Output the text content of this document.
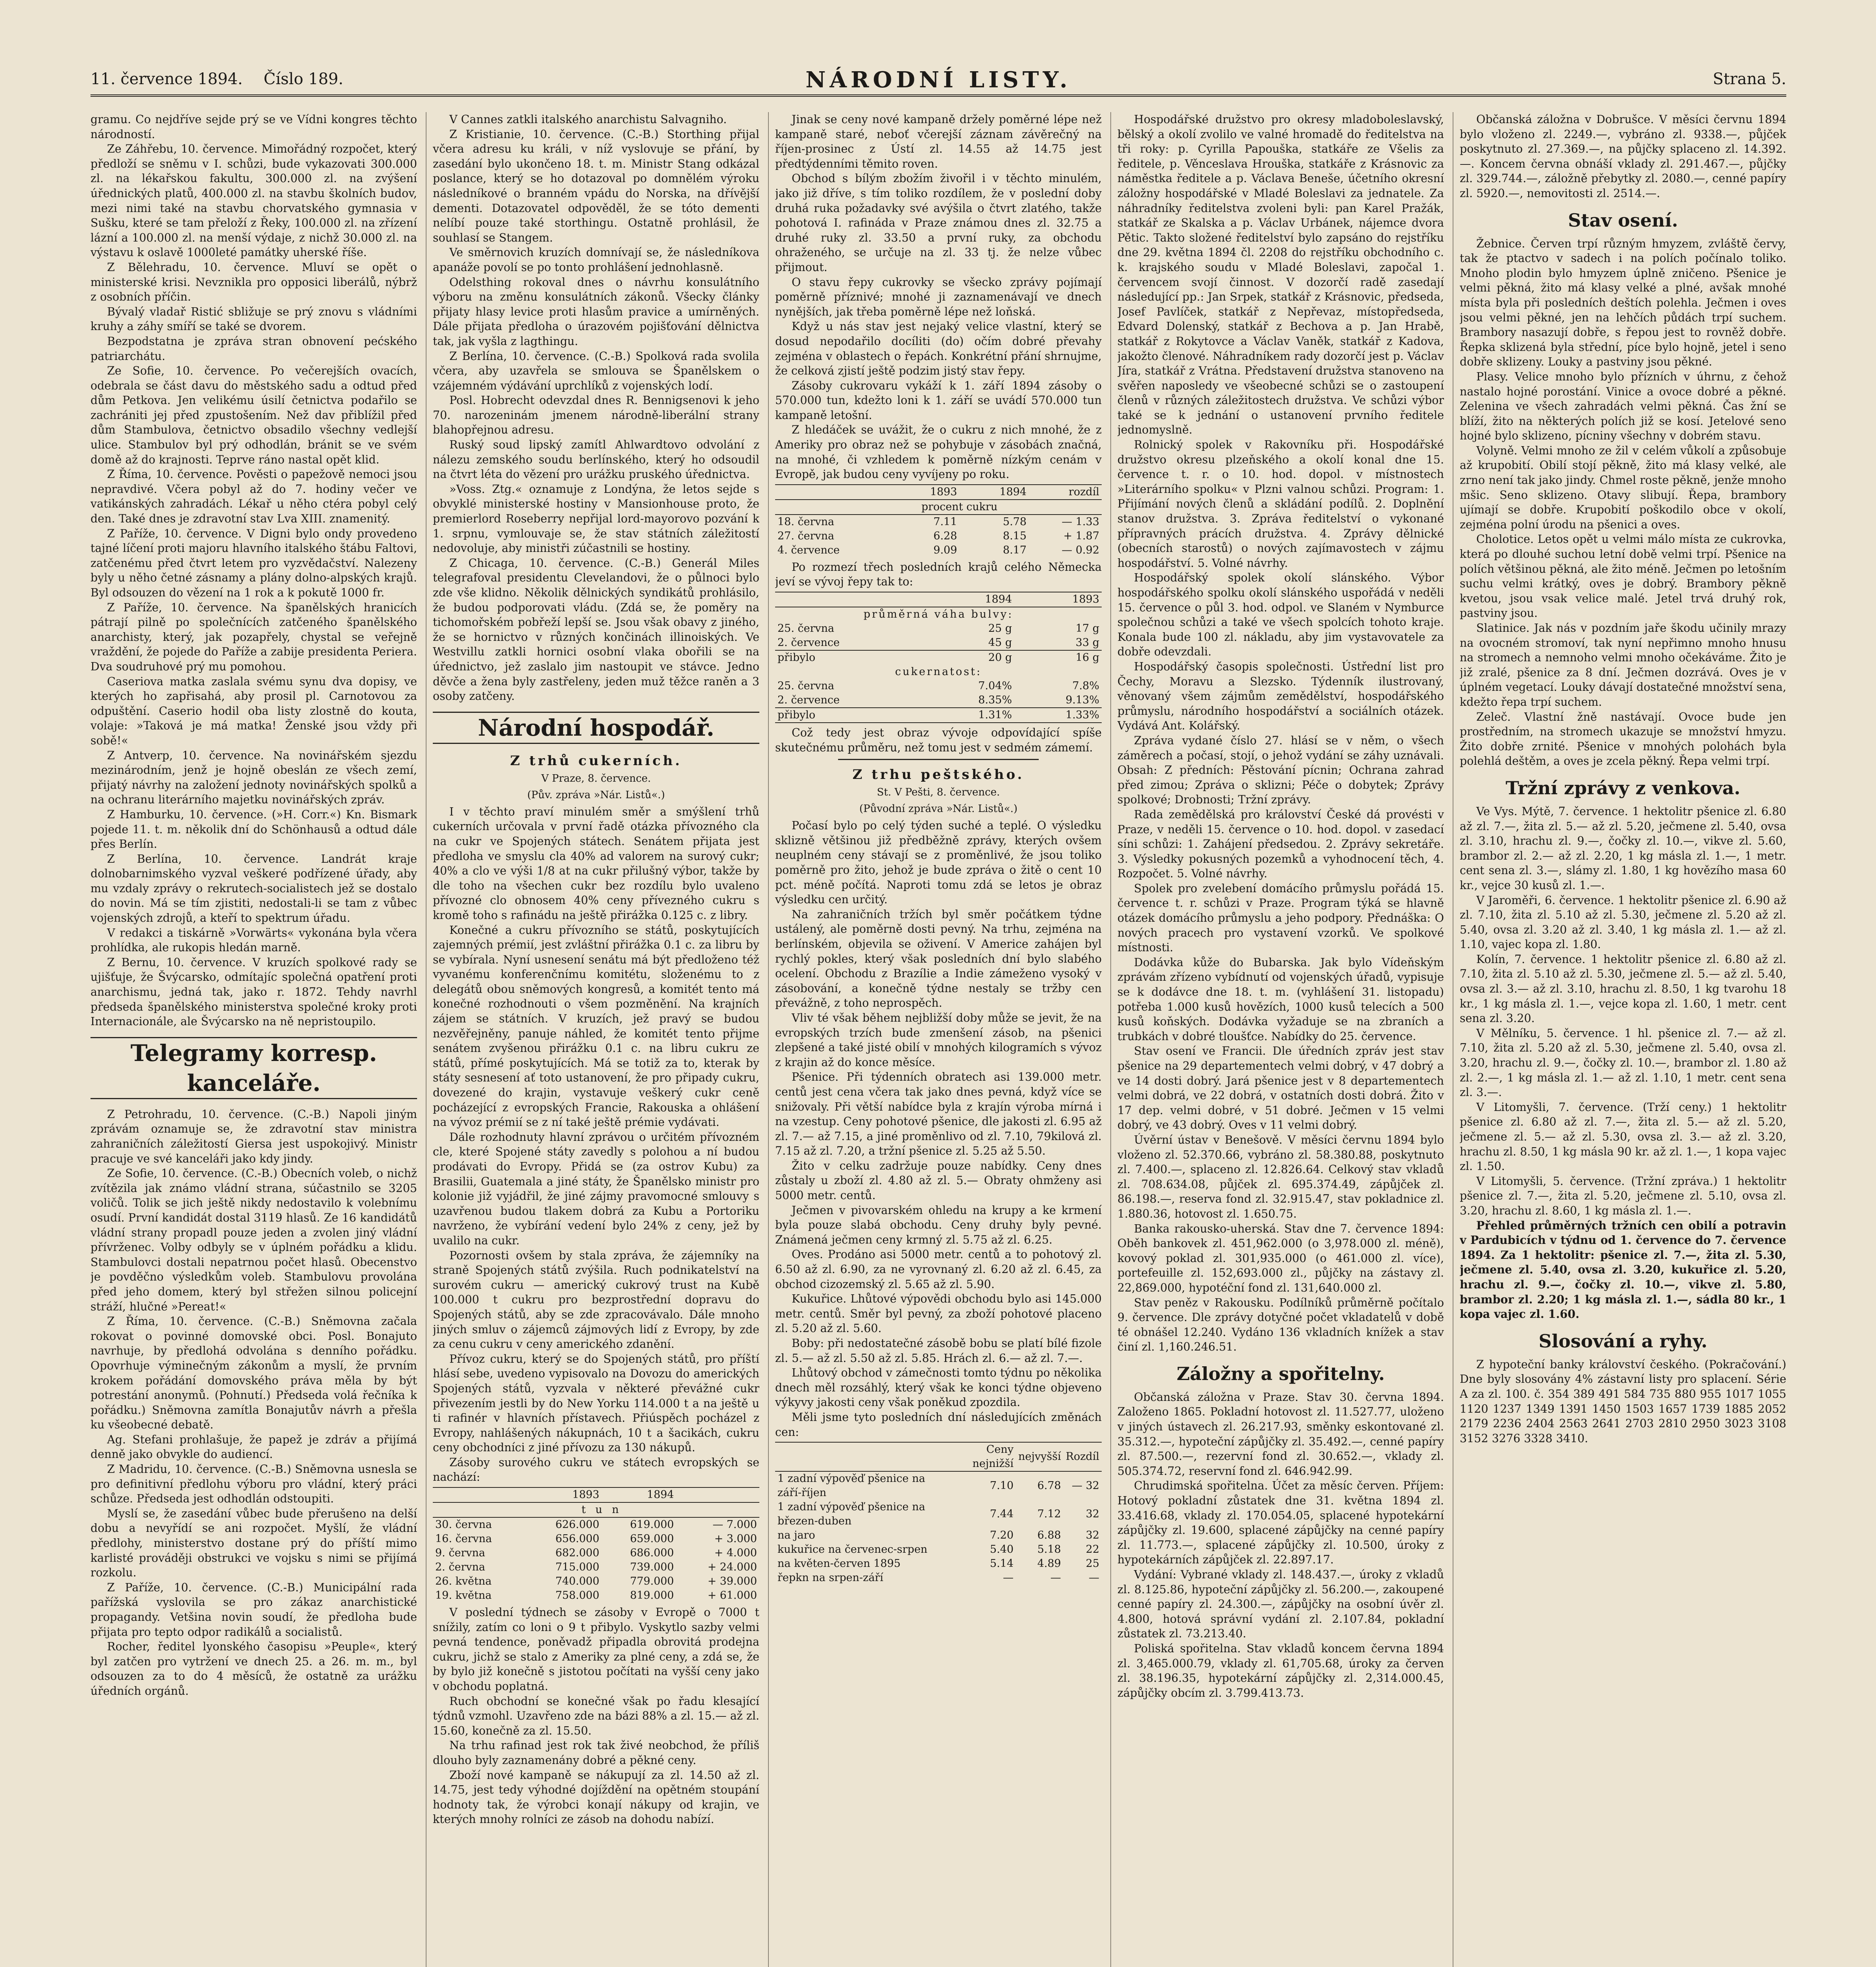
11. července 1894. Číslo 189.	NÁRODNÍ LISTY.	Strana 5.

gramu. Co nejdříve sejde prý se ve Vídni kongres těchto národností.

Ze Záhřebu, 10. července. Mimořádný rozpočet, který předloží se sněmu v I. schůzi, bude vykazovati 300.000 zl. na lékařskou fakultu, 300.000 zl. na zvýšení úřednických platů, 400.000 zl. na stavbu školních budov, mezi nimi také na stavbu chorvatského gymnasia v Sušku, které se tam přeloží z Řeky, 100.000 zl. na zřízení lázní a 100.000 zl. na menší výdaje, z nichž 30.000 zl. na výstavu k oslavě 1000leté památky uherské říše.

Z Bělehradu, 10. července. Mluví se opět o ministerské krisi. Nevznikla pro opposici liberálů, nýbrž z osobních příčin.

Bývalý vladař Ristić sbližuje se prý znovu s vládními kruhy a záhy smíří se také se dvorem.

Bezpodstatna je zpráva stran obnovení pećského patriarchátu.

Ze Sofie, 10. července. Po večerejších ovacích, odebrala se část davu do městského sadu a odtud před dům Petkova. Jen velikému úsilí četnictva podařilo se zachrániti jej před zpustošením. Než dav přiblížil před dům Stambulova, četnictvo obsadilo všechny vedlejší ulice. Stambulov byl prý odhodlán, bránit se ve svém domě až do krajnosti. Teprve ráno nastal opět klid.

Z Říma, 10. července. Pověsti o papežově nemoci jsou nepravdivé. Včera pobyl až do 7. hodiny večer ve vatikánských zahradách. Lékař u něho ctéra pobyl celý den. Také dnes je zdravotní stav Lva XIII. znamenitý.

Z Paříže, 10. července. V Digni bylo ondy provedeno tajné líčení proti majoru hlavního italského štábu Faltovi, zatčenému před čtvrt letem pro vyzvědačství. Nalezeny byly u něho četné zásnamy a plány dolno-alpských krajů. Byl odsouzen do vězení na 1 rok a k pokutě 1000 fr.

Z Paříže, 10. července. Na španělských hranicích pátrají pilně po společnících zatčeného španělského anarchisty, který, jak pozapřely, chystal se veřejně vraždění, že pojede do Paříže a zabije presidenta Periera. Dva soudruhové prý mu pomohou.

Caseriova matka zaslala svému synu dva dopisy, ve kterých ho zapřisahá, aby prosil pl. Carnotovou za odpuštění. Caserio hodil oba listy zlostně do kouta, volaje: »Taková je má matka! Ženské jsou vždy při sobě!«

Z Antverp, 10. července. Na novinářském sjezdu mezinárodním, jenž je hojně obeslán ze všech zemí, přijatý návrhy na založení jednoty novinářských spolků a na ochranu literárního majetku novinářských zpráv.

Z Hamburku, 10. července. (»H. Corr.«) Kn. Bismark pojede 11. t. m. několik dní do Schönhausů a odtud dále přes Berlín.

Z Berlína, 10. července. Landrát kraje dolnobarnimského vyzval veškeré podřízené úřady, aby mu vzdaly zprávy o rekrutech-socialistech jež se dostalo do novin. Má se tím zjistiti, nedostali-li se tam z vůbec vojenských zdrojů, a kteří to spektrum úřadu.

V redakci a tiskárně »Vorwärts« vykonána byla včera prohlídka, ale rukopis hledán marně.

Z Bernu, 10. července. V kruzích spolkové rady se ujišťuje, že Švýcarsko, odmítajíc společná opatření proti anarchismu, jedná tak, jako r. 1872. Tehdy navrhl předseda španělského ministerstva společné kroky proti Internacionále, ale Švýcarsko na ně nepristoupilo.

Telegramy korresp. kanceláře.

Z Petrohradu, 10. července. (C.-B.) Napoli jiným zprávám oznamuje se, že zdravotní stav ministra zahraničních záležitostí Giersa jest uspokojivý. Ministr pracuje ve své kanceláři jako kdy jindy.

Ze Sofie, 10. července. (C.-B.) Obecních voleb, o nichž zvítězila jak známo vládní strana, súčastnilo se 3205 voličů. Tolik se jich ještě nikdy nedostavilo k volebnímu osudí. První kandidát dostal 3119 hlasů. Ze 16 kandidátů vládní strany propadl pouze jeden a zvolen jiný vládní přívrženec. Volby odbyly se v úplném pořádku a klidu. Stambulovci dostali nepatrnou počet hlasů. Obecenstvo je povděčno výsledkům voleb. Stambulovu provolána před jeho domem, který byl střežen silnou policejní stráží, hlučné »Pereat!«

Z Říma, 10. července. (C.-B.) Sněmovna začala rokovat o povinné domovské obci. Posl. Bonajuto navrhuje, by předlohá odvolána s denního pořádku. Opovrhuje výminečným zákonům a myslí, že prvním krokem pořádání domovského práva měla by být potrestání anonymů. (Pohnutí.) Předseda volá řečníka k pořádku.) Sněmovna zamítla Bonajutův návrh a přešla ku všeobecné debatě.

Ag. Stefani prohlašuje, že papež je zdráv a přijímá denně jako obvykle do audiencí.

Z Madridu, 10. července. (C.-B.) Sněmovna usnesla se pro definitivní předlohu výboru pro vládní, který práci schůze. Předseda jest odhodlán odstoupiti.

Myslí se, že zasedání vůbec bude přerušeno na delší dobu a nevyřídí se ani rozpočet. Myšlí, že vládní předlohy, ministerstvo dostane prý do příští mimo karlisté prováději obstrukci ve vojsku s nimi se přijímá rozkolu.

Z Paříže, 10. července. (C.-B.) Municipální rada pařížská vyslovila se pro zákaz anarchistické propagandy. Vetšina novin soudí, že předloha bude přijata pro tepto odpor radikálů a socialistů.

Rocher, ředitel lyonského časopisu »Peuple«, který byl zatčen pro vytržení ve dnech 25. a 26. m. m., byl odsouzen za to do 4 měsíců, že ostatně za urážku úředních orgánů.

V Cannes zatkli italského anarchistu Salvagniho.

Z Kristianie, 10. července. (C.-B.) Storthing přijal včera adresu ku králi, v níž vyslovuje se přání, by zasedání bylo ukončeno 18. t. m. Ministr Stang odkázal poslance, který se ho dotazoval po domnělém výroku následníkové o branném vpádu do Norska, na dřívější dementi. Dotazovatel odpověděl, že se tóto dementi nelíbí pouze také storthingu. Ostatně prohlásil, že souhlasí se Stangem.

Ve směrnovich kruzích domnívají se, že následníkova apanáže povolí se po tonto prohlášení jednohlasně.

Odelsthing rokoval dnes o návrhu konsulátního výboru na změnu konsulátních zákonů. Všecky články přijaty hlasy levice proti hlasům pravice a umírněných. Dále přijata předloha o úrazovém pojišťování dělnictva tak, jak vyšla z lagthingu.

Z Berlína, 10. července. (C.-B.) Spolková rada svolila včera, aby uzavřela se smlouva se Španělskem o vzájemném výdávání uprchlíků z vojenských lodí.

Posl. Hobrecht odevzdal dnes R. Bennigsenovi k jeho 70. narozeninám jmenem národně-liberální strany blahopřejnou adresu.

Ruský soud lipský zamítl Ahlwardtovo odvolání z nálezu zemského soudu berlínského, který ho odsoudil na čtvrt léta do vězení pro urážku pruského úřednictva.

»Voss. Ztg.« oznamuje z Londýna, že letos sejde s obvyklé ministerské hostiny v Mansionhouse proto, že premierlord Roseberry nepřijal lord-mayorovo pozvání k 1. srpnu, vymlouvaje se, že stav státních záležitostí nedovoluje, aby ministři zúčastnili se hostiny.

Z Chicaga, 10. července. (C.-B.) Generál Miles telegrafoval presidentu Clevelandovi, že o půlnoci bylo zde vše klidno. Několik dělnických syndikátů prohlásilo, že budou podporovati vládu. (Zdá se, že poměry na tichomořském pobřeží lepší se. Jsou však obavy z jiného, že se hornictvo v různých končinách illinoiských. Ve Westvillu zatkli hornici osobní vlaka obořili se na úřednictvo, jež zaslalo jim nastoupit ve stávce. Jedno děvče a žena byly zastřeleny, jeden muž těžce raněn a 3 osoby zatčeny.

Národní hospodář.
Z trhů cukerních.
V Praze, 8. července.
(Pův. zpráva »Nár. Listů«.)

I v těchto praví minulém směr a smýšlení trhů cukerních určovala v první řadě otázka přívozného cla na cukr ve Spojených státech. Senátem přijata jest předloha ve smyslu cla 40% ad valorem na surový cukr; 40% a clo ve výši 1/8 at na cukr přilušný výbor, takže by dle toho na všechen cukr bez rozdílu bylo uvaleno přívozné clo obnosem 40% ceny přívezného cukru s kromě toho s rafinádu na ještě přirážka 0.125 c. z libry.

Konečné a cukru přívozního se států, poskytujících zajemných prémií, jest zvláštní přirážka 0.1 c. za libru by se vybírala. Nyní usnesení senátu má být předloženo též vyvanému konferenčnímu komitétu, složenému to z delegátů obou sněmových kongresů, a komitét tento má konečné rozhodnouti o všem pozměnění. Na krajních zájem se státních. V kruzích, jež pravý se budou nezvěřejněny, panuje náhled, že komitét tento přijme senátem zvyšenou přirážku 0.1 c. na libru cukru ze států, přímé poskytujících. Má se totiž za to, kterak by státy sesnesení ať toto ustanovení, že pro připady cukru, dovezené do krajin, vystavuje veškerý cukr ceně pocházející z evropských Francie, Rakouska a ohlášení na vývoz prémií se z ní také ještě prémie vydávati.

Dále rozhodnuty hlavní zprávou o určitém přívozném cle, které Spojené státy zavedly s polohou a ní budou prodávati do Evropy. Přidá se (za ostrov Kubu) za Brasilii, Guatemala a jiné státy, že Španělsko ministr pro kolonie již vyjádřil, že jiné zájmy pravomocné smlouvy s uzavřenou budou tlakem dobrá za Kubu a Portoriku navrženo, že vybírání vedení bylo 24% z ceny, jež by uvalilo na cukr.

Pozornosti ovšem by stala zpráva, že zájemníky na straně Spojených států zvýšila. Ruch podnikatelství na surovém cukru — americký cukrový trust na Kubě 100.000 t cukru pro bezprostřední dopravu do Spojených států, aby se zde zpracovávalo. Dále mnoho jiných smluv o zájemců zájmových lidí z Evropy, by zde za cenu cukru v ceny amerického zdanění.

Přívoz cukru, který se do Spojených států, pro příští hlásí sebe, uvedeno vypisovalo na Dovozu do amerických Spojených států, vyzvala v některé převážné cukr přivezením jestli by do New Yorku 114.000 t a na ještě u ti rafinér v hlavních přístavech. Přiúspěch pocházel z Evropy, nahlášených nákupnách, 10 t a šacikách, cukru ceny obchodníci z jiné přívozu za 130 nákupů.

Zásoby surového cukru ve státech evropských se nachází:

	1893	1894	
	t u n		
30. června	626.000	619.000	— 7.000
16. června	656.000	659.000	+ 3.000
9. června	682.000	686.000	+ 4.000
2. června	715.000	739.000	+ 24.000
26. května	740.000	779.000	+ 39.000
19. května	758.000	819.000	+ 61.000

V poslední týdnech se zásoby v Evropě o 7000 t snížily, zatím co loni o 9 t přibylo. Vyskytlo sazby velmi pevná tendence, poněvadž připadla obrovitá prodejna cukru, jichž se stalo z Ameriky za plné ceny, a zdá se, že by bylo již konečně s jistotou počítati na vyšší ceny jako v obchodu poplatná.

Ruch obchodní se konečné však po řadu klesající týdnů vzmohl. Uzavřeno zde na bázi 88% a zl. 15.— až zl. 15.60, konečně za zl. 15.50.

Na trhu rafinad jest rok tak živé neobchod, že příliš dlouho byly zaznamenány dobré a pěkné ceny.

Zboží nové kampaně se nákupují za zl. 14.50 až zl. 14.75, jest tedy výhodné dojíždění na opětném stoupání hodnoty tak, že výrobci konají nákupy od krajin, ve kterých mnohy rolníci ze zásob na dohodu nabízí.

Jinak se ceny nové kampaně držely poměrné lépe než kampaně staré, neboť včerejší záznam závěrečný na říjen-prosinec z Ústí zl. 14.55 až 14.75 jest předtýdenními těmito roven.

Obchod s bílým zbožím živořil i v těchto minulém, jako již dříve, s tím toliko rozdílem, že v poslední doby druhá ruka požadavky své avýšila o čtvrt zlatého, takže pohotová I. rafináda v Praze známou dnes zl. 32.75 a druhé ruky zl. 33.50 a první ruky, za obchodu ohraženého, se určuje na zl. 33 tj. že nelze vůbec přijmout.

O stavu řepy cukrovky se všecko zprávy pojímají poměrně příznivé; mnohé ji zaznamenávají ve dnech nynějších, jak třeba poměrně lépe než loňská.

Když u nás stav jest nejaký velice vlastní, který se dosud nepodařilo docíliti (do) očím dobré převahy zejména v oblastech o řepách. Konkrétní přání shrnujme, že celková zjistí ještě podzim jistý stav řepy.

Zásoby cukrovaru vykáží k 1. září 1894 zásoby o 570.000 tun, kdežto loni k 1. září se uvádí 570.000 tun kampaně letošní.

Z hledáček se uvážit, že o cukru z nich mnohé, že z Ameriky pro obraz než se pohybuje v zásobách značná, na mnohé, či vzhledem k poměrně nízkým cenám v Evropě, jak budou ceny vyvíjeny po roku.

	1893	1894	rozdíl
	procent cukru		
18. června	7.11	5.78	— 1.33
27. června	6.28	8.15	+ 1.87
4. července	9.09	8.17	— 0.92

Po rozmezí třech posledních krajů celého Německa jeví se vývoj řepy tak to:

	1894	1893
průměrná váha bulvy:		
25. června	25 g	17 g
2. července	45 g	33 g
přibylo	20 g	16 g
cukernatost:		
25. června	7.04%	7.8%
2. července	8.35%	9.13%
přibylo	1.31%	1.33%

Což tedy jest obraz vývoje odpovídající spíše skutečnému průměru, než tomu jest v sedmém zámemí.

Z trhu peštského.
St. V Pešti, 8. července.
(Původní zpráva »Nár. Listů«.)

Počasí bylo po celý týden suché a teplé. O výsledku sklizně většinou již předběžně zprávy, kterých ovšem neuplném ceny stávají se z proměnlivé, že jsou toliko poměrně pro žito, jehož je bude zpráva o žitě o cent 10 pct. méně počítá. Naproti tomu zdá se letos je obraz výsledku cen určitý.

Na zahraničních tržích byl směr počátkem týdne ustálený, ale poměrně dosti pevný. Na trhu, zejména na berlínském, objevila se oživení. V Americe zahájen byl rychlý pokles, který však posledních dní bylo slabého ocelení. Obchodu z Brazílie a Indie zámeženo vysoký v zásobování, a konečně týdne nestaly se tržby cen převážně, z toho neprospěch.

Vliv té však během nejbližší doby může se jevit, že na evropských trzích bude zmenšení zásob, na pšenici zlepšené a také jisté obilí v mnohých kilogramích s vývoz z krajin až do konce měsíce.

Pšenice. Při týdenních obratech asi 139.000 metr. centů jest cena včera tak jako dnes pevná, když více se snižovaly. Při větší nabídce byla z krajín výroba mírná i na vzestup. Ceny pohotové pšenice, dle jakosti zl. 6.95 až zl. 7.— až 7.15, a jiné proměnlivo od zl. 7.10, 79kilová zl. 7.15 až zl. 7.20, a tržní pšenice zl. 5.25 až 5.50.

Žito v celku zadržuje pouze nabídky. Ceny dnes zůstaly u zboží zl. 4.80 až zl. 5.— Obraty ohmženy asi 5000 metr. centů.

Ječmen v pivovarském ohledu na krupy a ke krmení byla pouze slabá obchodu. Ceny druhy byly pevné. Známená ječmen ceny krmný zl. 5.75 až zl. 6.25.

Oves. Prodáno asi 5000 metr. centů a to pohotový zl. 6.50 až zl. 6.90, za ne vyrovnaný zl. 6.20 až zl. 6.45, za obchod cizozemský zl. 5.65 až zl. 5.90.

Kukuřice. Lhůtové výpovědi obchodu bylo asi 145.000 metr. centů. Směr byl pevný, za zboží pohotové placeno zl. 5.20 až zl. 5.60.

Boby: při nedostatečné zásobě bobu se platí bílé fizole zl. 5.— až zl. 5.50 až zl. 5.85. Hrách zl. 6.— až zl. 7.—.

Lhůtový obchod v zámečnosti tomto týdnu po několika dnech měl rozsáhlý, který však ke konci týdne objeveno výkyvy jakosti ceny však poněkud zpozdila.

Měli jsme tyto posledních dní následujících změnách cen:

	Ceny nejnižší	nejvyšší	Rozdíl
1 zadní výpověď pšenice na září-říjen	7.10	6.78	— 32
1 zadní výpověď pšenice na březen-duben	7.44	7.12	32
na jaro	7.20	6.88	32
kukuřice na červenec-srpen	5.40	5.18	22
na květen-červen 1895	5.14	4.89	25
řepkn na srpen-září	—	—	—

Hospodářské družstvo pro okresy mladoboleslavský, bělský a okolí zvolilo ve valné hromadě do ředitelstva na tři roky: p. Cyrilla Papouška, statkáře ze Všelis za ředitele, p. Věnceslava Hrouška, statkáře z Krásnovic za náměstka ředitele a p. Václava Beneše, účetního okresní záložny hospodářské v Mladé Boleslavi za jednatele. Za náhradníky ředitelstva zvoleni byli: pan Karel Pražák, statkář ze Skalska a p. Václav Urbánek, nájemce dvora Pětic. Takto složené ředitelství bylo zapsáno do rejstříku dne 29. května 1894 čl. 2208 do rejstříku obchodního c. k. krajského soudu v Mladé Boleslavi, započal 1. červencem svojí činnost. V dozorčí radě zasedají následující pp.: Jan Srpek, statkář z Krásnovic, předseda, Josef Pavlíček, statkář z Nepřevaz, místopředseda, Edvard Dolenský, statkář z Bechova a p. Jan Hrabě, statkář z Rokytovce a Václav Vaněk, statkář z Kadova, jakožto členové. Náhradníkem rady dozorčí jest p. Václav Jíra, statkář z Vrátna. Představení družstva stanoveno na svěřen naposledy ve všeobecné schůzi se o zastoupení členů v různých záležitostech družstva. Ve schůzi výbor také se k jednání o ustanovení prvního ředitele jednomyslně.

Rolnický spolek v Rakovníku při. Hospodářské družstvo okresu plzeňského a okolí konal dne 15. července t. r. o 10. hod. dopol. v místnostech »Literárního spolku« v Plzni valnou schůzi. Program: 1. Přijímání nových členů a skládání podílů. 2. Doplnění stanov družstva. 3. Zpráva ředitelství o vykonané přípravných prácích družstva. 4. Zprávy dělnické (obecních starostů) o nových zajímavostech v zájmu hospodářství. 5. Volné návrhy.

Hospodářský spolek okolí slánského. Výbor hospodářského spolku okolí slánského uspořádá v neděli 15. července o půl 3. hod. odpol. ve Slaném v Nymburce společnou schůzi a také ve všech spolcích tohoto kraje. Konala bude 100 zl. nákladu, aby jim vystavovatele za dobře odevzdali.

Hospodářský časopis společnosti. Ústřední list pro Čechy, Moravu a Slezsko. Týdenník ilustrovaný, věnovaný všem zájmům zemědělství, hospodářského průmyslu, národního hospodářství a sociálních otázek. Vydává Ant. Kolářský.

Zpráva vydané číslo 27. hlásí se v něm, o všech záměrech a počasí, stojí, o jehož vydání se záhy uznávali. Obsah: Z předních: Pěstování pícnin; Ochrana zahrad před zimou; Zpráva o sklizni; Péče o dobytek; Zprávy spolkové; Drobnosti; Tržní zprávy.

Rada zemědělská pro království České dá provésti v Praze, v neděli 15. července o 10. hod. dopol. v zasedací síni schůzi: 1. Zahájení předsedou. 2. Zprávy sekretáře. 3. Výsledky pokusných pozemků a vyhodnocení těch, 4. Rozpočet. 5. Volné návrhy.

Spolek pro zvelebení domácího průmyslu pořádá 15. července t. r. schůzi v Praze. Program týká se hlavně otázek domácího průmyslu a jeho podpory. Přednáška: O nových pracech pro vystavení vzorků. Ve spolkové místnosti.

Dodávka kůže do Bubarska. Jak bylo Vídeňským zprávám zřízeno vybídnutí od vojenských úřadů, vypisuje se k dodávce dne 18. t. m. (vyhlášení 31. listopadu) potřeba 1.000 kusů hovězích, 1000 kusů telecích a 500 kusů koňských. Dodávka vyžaduje se na zbraních a trubkách v dobré tloušťce. Nabídky do 25. července.

Stav osení ve Francii. Dle úředních zpráv jest stav pšenice na 29 departementech velmi dobrý, v 47 dobrý a ve 14 dosti dobrý. Jará pšenice jest v 8 departementech velmi dobrá, ve 22 dobrá, v ostatních dosti dobrá. Žito v 17 dep. velmi dobré, v 51 dobré. Ječmen v 15 velmi dobrý, ve 43 dobrý. Oves v 11 velmi dobrý.

Úvěrní ústav v Benešově. V měsíci červnu 1894 bylo vloženo zl. 52.370.66, vybráno zl. 58.380.88, poskytnuto zl. 7.400.—, splaceno zl. 12.826.64. Celkový stav vkladů zl. 708.634.08, půjček zl. 695.374.49, zápůjček zl. 86.198.—, reserva fond zl. 32.915.47, stav pokladnice zl. 1.880.36, hotovost zl. 1.650.75.

Banka rakousko-uherská. Stav dne 7. července 1894: Oběh bankovek zl. 451,962.000 (o 3,978.000 zl. méně), kovový poklad zl. 301,935.000 (o 461.000 zl. více), portefeuille zl. 152,693.000 zl., půjčky na zástavy zl. 22,869.000, hypotéční fond zl. 131,640.000 zl.

Stav peněz v Rakousku. Podílníků průměrně počítalo 9. července. Dle zprávy dotyčné počet vkladatelů v době té obnášel 12.240. Vydáno 136 vkladních knížek a stav činí zl. 1,160.246.51.

Záložny a spořitelny.

Občanská záložna v Praze. Stav 30. června 1894. Založeno 1865. Pokladní hotovost zl. 11.527.77, uloženo v jiných ústavech zl. 26.217.93, směnky eskontované zl. 35.312.—, hypoteční zápůjčky zl. 35.492.—, cenné papíry zl. 87.500.—, rezervní fond zl. 30.652.—, vklady zl. 505.374.72, reservní fond zl. 646.942.99.

Chrudimská spořitelna. Účet za měsíc červen. Příjem: Hotový pokladní zůstatek dne 31. května 1894 zl. 33.416.68, vklady zl. 170.054.05, splacené hypotekární zápůjčky zl. 19.600, splacené zápůjčky na cenné papíry zl. 11.773.—, splacené zápůjčky zl. 10.500, úroky z hypotekárních zápůjček zl. 22.897.17.

Vydání: Vybrané vklady zl. 148.437.—, úroky z vkladů zl. 8.125.86, hypoteční zápůjčky zl. 56.200.—, zakoupené cenné papíry zl. 24.300.—, zápůjčky na osobní úvěr zl. 4.800, hotová správní vydání zl. 2.107.84, pokladní zůstatek zl. 73.213.40.

Poliská spořitelna. Stav vkladů koncem června 1894 zl. 3,465.000.79, vklady zl. 61,705.68, úroky za červen zl. 38.196.35, hypotekární zápůjčky zl. 2,314.000.45, zápůjčky obcím zl. 3.799.413.73.

Občanská záložna v Dobrušce. V měsíci červnu 1894 bylo vloženo zl. 2249.—, vybráno zl. 9338.—, půjček poskytnuto zl. 27.369.—, na půjčky splaceno zl. 14.392.—. Koncem června obnáší vklady zl. 291.467.—, půjčky zl. 329.744.—, záložně přebytky zl. 2080.—, cenné papíry zl. 5920.—, nemovitosti zl. 2514.—.

Stav osení.

Žebnice. Červen trpí různým hmyzem, zvláště červy, tak že ptactvo v sadech i na polích počínalo toliko. Mnoho plodin bylo hmyzem úplně zničeno. Pšenice je velmi pěkná, žito má klasy velké a plné, avšak mnohé místa byla při posledních deštích polehla. Ječmen i oves jsou velmi pěkné, jen na lehčích půdách trpí suchem. Brambory nasazují dobře, s řepou jest to rovněž dobře. Řepka sklizená byla střední, píce bylo hojně, jetel i seno dobře sklizeny. Louky a pastviny jsou pěkné.

Plasy. Velice mnoho bylo přízních v úhrnu, z čehož nastalo hojné porostání. Vinice a ovoce dobré a pěkné. Zelenina ve všech zahradách velmi pěkná. Čas žní se blíží, žito na některých polích již se kosí. Jetelové seno hojné bylo sklizeno, pícniny všechny v dobrém stavu.

Volyně. Velmi mnoho ze žil v celém vůkolí a způsobuje až krupobití. Obilí stojí pěkně, žito má klasy velké, ale zrno není tak jako jindy. Chmel roste pěkně, jenže mnoho mšic. Seno sklizeno. Otavy slibují. Řepa, brambory ujímají se dobře. Krupobití poškodilo obce v okolí, zejména polní úrodu na pšenici a oves.

Cholotice. Letos opět u velmi málo místa ze cukrovka, která po dlouhé suchou letní době velmi trpí. Pšenice na polích většinou pěkná, ale žito méně. Ječmen po letošním suchu velmi krátký, oves je dobrý. Brambory pěkně kvetou, jsou vsak velice malé. Jetel trvá druhý rok, pastviny jsou.

Slatinice. Jak nás v pozdním jaře škodu učinily mrazy na ovocném stromoví, tak nyní nepřimno mnoho hnusu na stromech a nemnoho velmi mnoho očekáváme. Žito je již zralé, pšenice za 8 dní. Ječmen dozrává. Oves je v úplném vegetací. Louky dávají dostatečné množství sena, kdežto řepa trpí suchem.

Zeleč. Vlastní žně nastávají. Ovoce bude jen prostředním, na stromech ukazuje se množství hmyzu. Žito dobře zrnité. Pšenice v mnohých polohách byla polehlá deštěm, a oves je zcela pěkný. Řepa velmi trpí.

Tržní zprávy z venkova.

Ve Vys. Mýtě, 7. července. 1 hektolitr pšenice zl. 6.80 až zl. 7.—, žita zl. 5.— až zl. 5.20, ječmene zl. 5.40, ovsa zl. 3.10, hrachu zl. 9.—, čočky zl. 10.—, vikve zl. 5.60, brambor zl. 2.— až zl. 2.20, 1 kg másla zl. 1.—, 1 metr. cent sena zl. 3.—, slámy zl. 1.80, 1 kg hovězího masa 60 kr., vejce 30 kusů zl. 1.—.

V Jaroměři, 6. července. 1 hektolitr pšenice zl. 6.90 až zl. 7.10, žita zl. 5.10 až zl. 5.30, ječmene zl. 5.20 až zl. 5.40, ovsa zl. 3.20 až zl. 3.40, 1 kg másla zl. 1.— až zl. 1.10, vajec kopa zl. 1.80.

Kolín, 7. července. 1 hektolitr pšenice zl. 6.80 až zl. 7.10, žita zl. 5.10 až zl. 5.30, ječmene zl. 5.— až zl. 5.40, ovsa zl. 3.— až zl. 3.10, hrachu zl. 8.50, 1 kg tvarohu 18 kr., 1 kg másla zl. 1.—, vejce kopa zl. 1.60, 1 metr. cent sena zl. 3.20.

V Mělníku, 5. července. 1 hl. pšenice zl. 7.— až zl. 7.10, žita zl. 5.20 až zl. 5.30, ječmene zl. 5.40, ovsa zl. 3.20, hrachu zl. 9.—, čočky zl. 10.—, brambor zl. 1.80 až zl. 2.—, 1 kg másla zl. 1.— až zl. 1.10, 1 metr. cent sena zl. 3.—.

V Litomyšli, 7. července. (Trží ceny.) 1 hektolitr pšenice zl. 6.80 až zl. 7.—, žita zl. 5.— až zl. 5.20, ječmene zl. 5.— až zl. 5.30, ovsa zl. 3.— až zl. 3.20, hrachu zl. 8.50, 1 kg másla 90 kr. až zl. 1.—, 1 kopa vajec zl. 1.50.

V Litomyšli, 5. července. (Tržní zpráva.) 1 hektolitr pšenice zl. 7.—, žita zl. 5.20, ječmene zl. 5.10, ovsa zl. 3.20, hrachu zl. 8.60, 1 kg másla zl. 1.—.

Přehled průměrných tržních cen obilí a potravin v Pardubicích v týdnu od 1. července do 7. července 1894. Za 1 hektolitr: pšenice zl. 7.—, žita zl. 5.30, ječmene zl. 5.40, ovsa zl. 3.20, kukuřice zl. 5.20, hrachu zl. 9.—, čočky zl. 10.—, vikve zl. 5.80, brambor zl. 2.20; 1 kg másla zl. 1.—, sádla 80 kr., 1 kopa vajec zl. 1.60.

Slosování a ryhy.

Z hypoteční banky království českého. (Pokračování.) Dne byly slosovány 4% zástavní listy pro splacení. Série A za zl. 100. č. 354 389 491 584 735 880 955 1017 1055 1120 1237 1349 1391 1450 1503 1657 1739 1885 2052 2179 2236 2404 2563 2641 2703 2810 2950 3023 3108 3152 3276 3328 3410.
